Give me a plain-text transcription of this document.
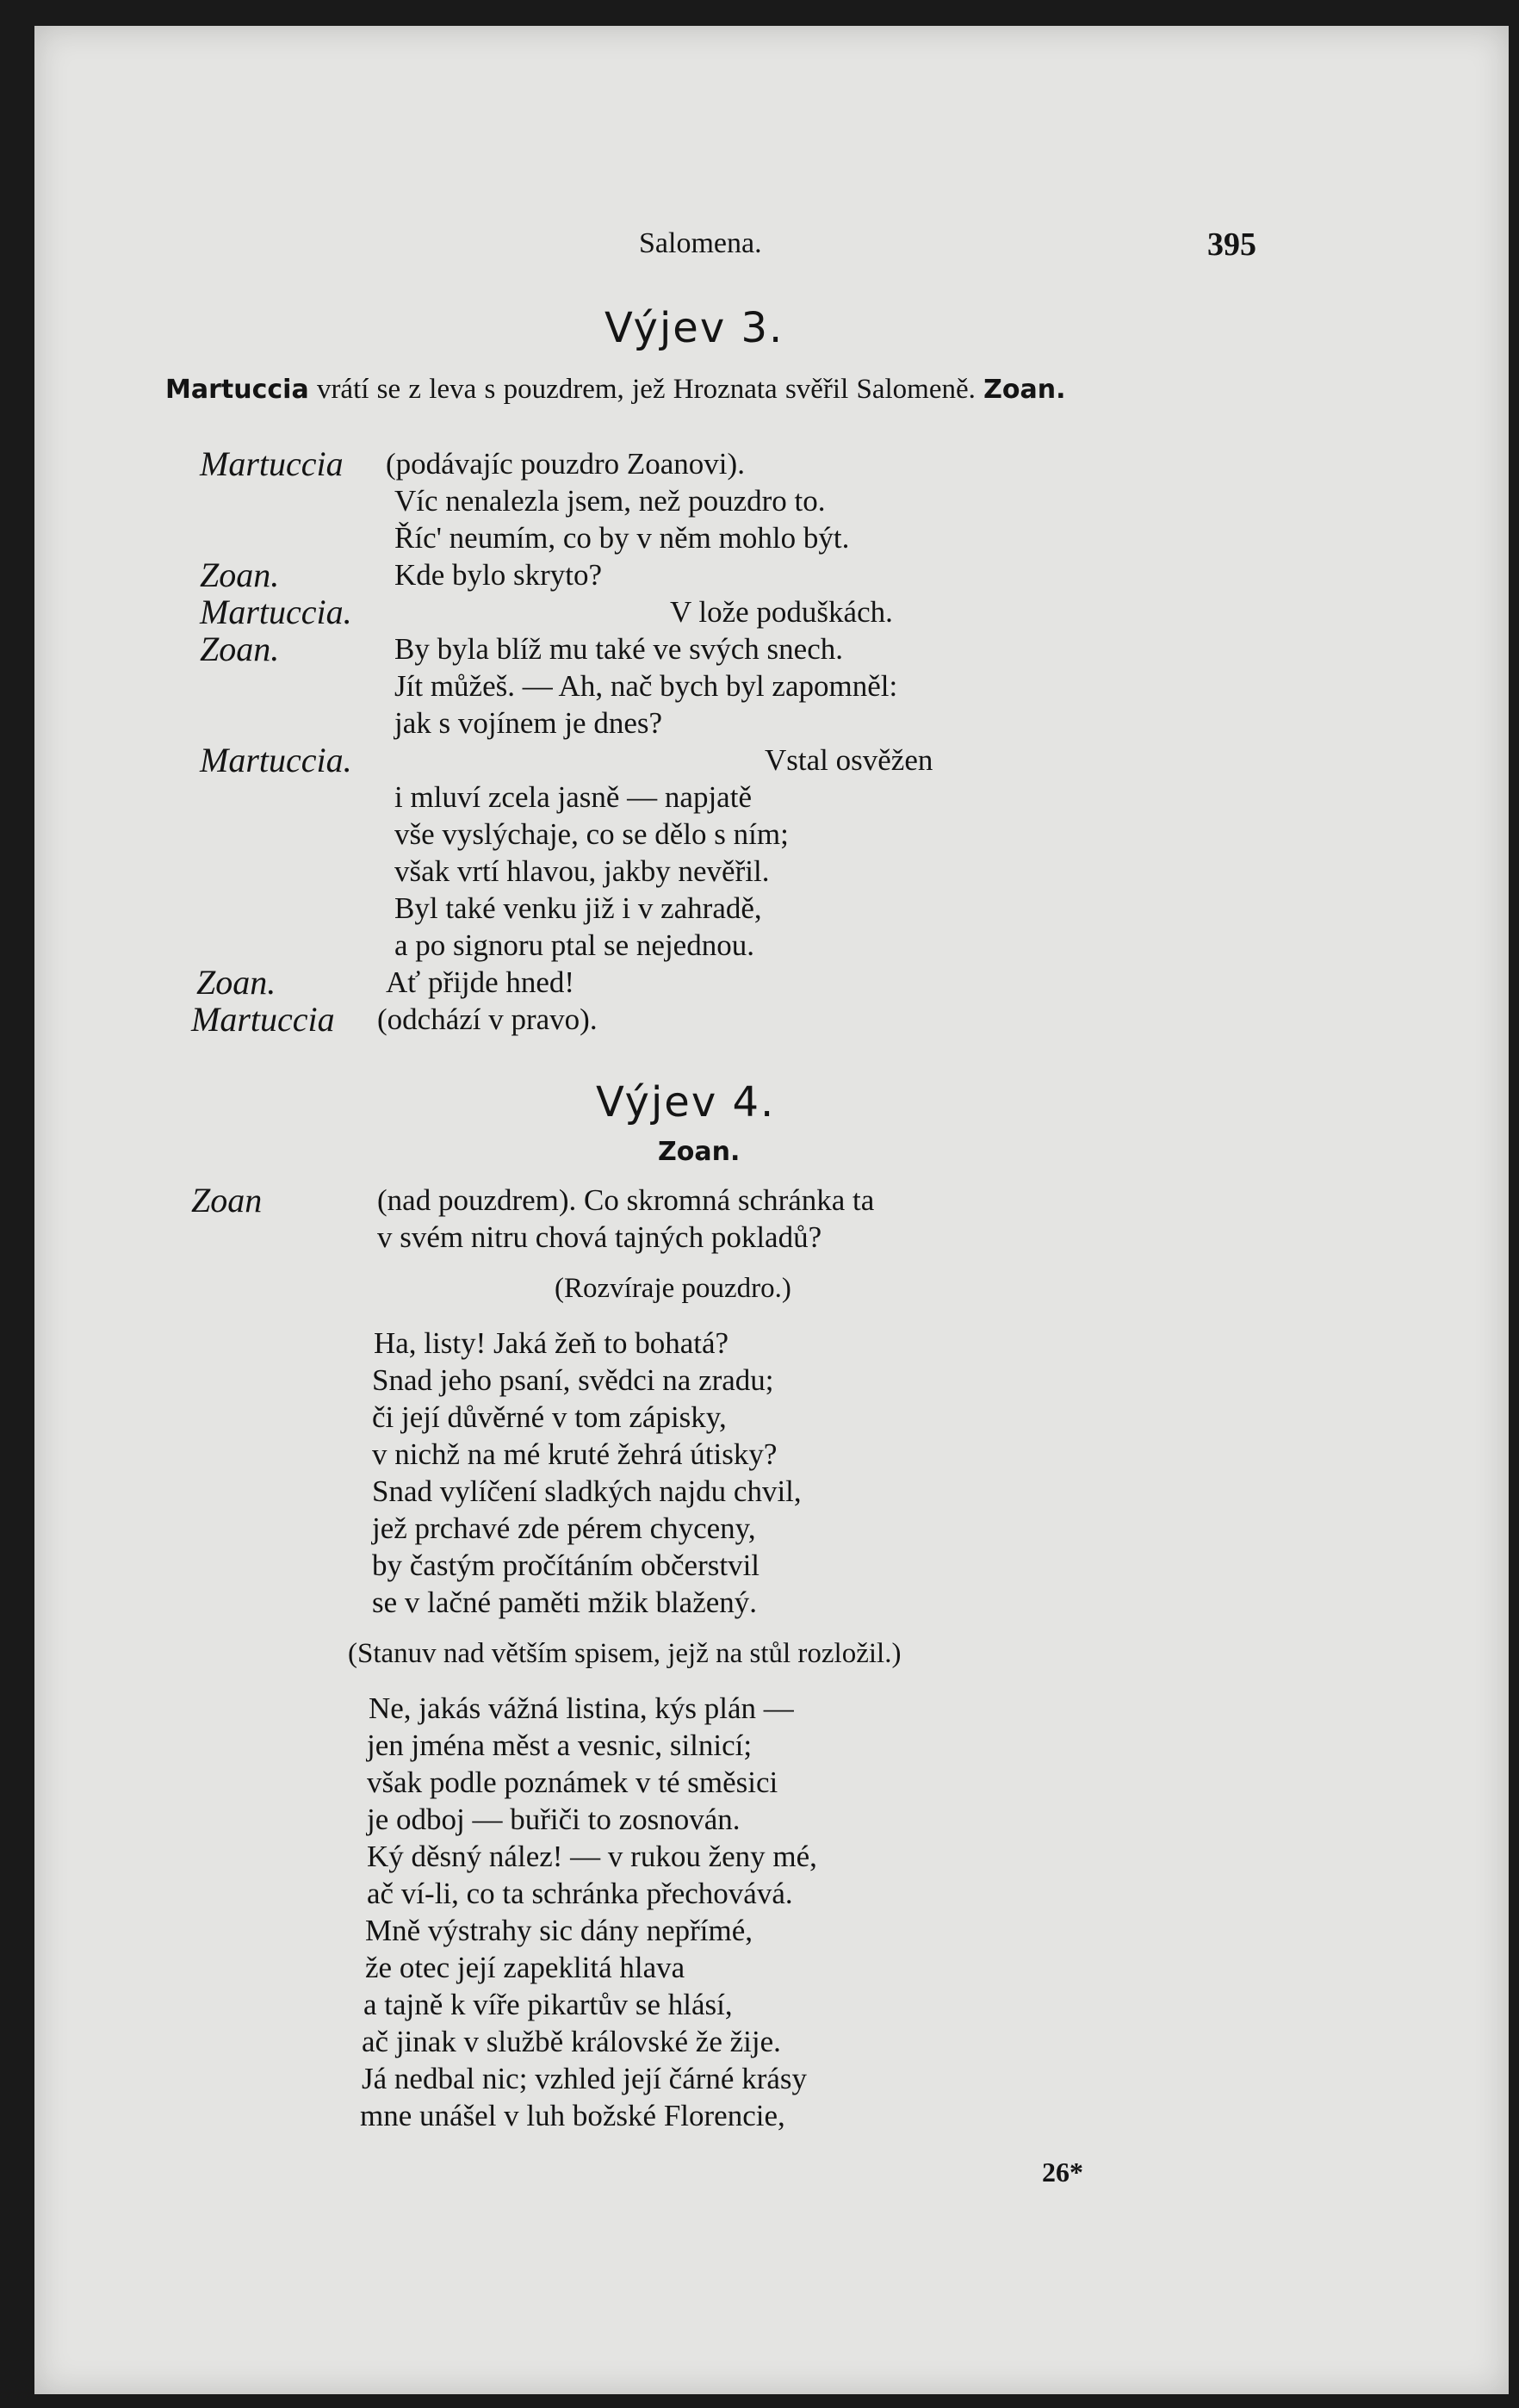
Salomena.	395
Výjev 3.
Martuccia vrátí se z leva s pouzdrem, jež Hroznata svěřil Salomeně. Zoan.
Martuccia (podávajíc pouzdro Zoanovi).
Víc nenalezla jsem, než pouzdro to.
Říc' neumím, co by v něm mohlo být.
Zoan.	Kde bylo skryto?
Martuccia.	V lože poduškách.
Zoan.	By byla blíž mu také ve svých snech.
Jít můžeš. — Ah, nač bych byl zapomněl:
jak s vojínem je dnes?
Martuccia.	Vstal osvěžen
i mluví zcela jasně — napjatě
vše vyslýchaje, co se dělo s ním;
však vrtí hlavou, jakby nevěřil.
Byl také venku již i v zahradě,
a po signoru ptal se nejednou.
Zoan.	Ať přijde hned!
Martuccia (odchází v pravo).
Výjev 4.
Zoan.
Zoan	(nad pouzdrem). Co skromná schránka ta
v svém nitru chová tajných pokladů?
(Rozvíraje pouzdro.)
Ha, listy! Jaká žeň to bohatá?
Snad jeho psaní, svědci na zradu;
či její důvěrné v tom zápisky,
v nichž na mé kruté žehrá útisky?
Snad vylíčení sladkých najdu chvil,
jež prchavé zde pérem chyceny,
by častým pročítáním občerstvil
se v lačné paměti mžik blažený.
(Stanuv nad větším spisem, jejž na stůl rozložil.)
Ne, jakás vážná listina, kýs plán —
jen jména měst a vesnic, silnicí;
však podle poznámek v té směsici
je odboj — buřiči to zosnován.
Ký děsný nález! — v rukou ženy mé,
ač ví-li, co ta schránka přechovává.
Mně výstrahy sic dány nepřímé,
že otec její zapeklitá hlava
a tajně k víře pikartův se hlásí,
ač jinak v službě královské že žije.
Já nedbal nic; vzhled její čárné krásy
mne unášel v luh božské Florencie,
26*
